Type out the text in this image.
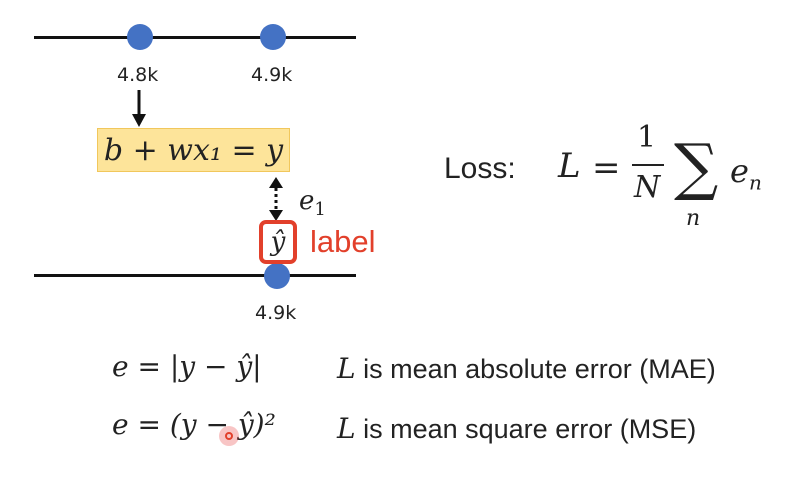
4.8k	4.9k
b + wx₁ = y
$e_1$
4.9k
ŷ label
Loss: L =
1
N ∑
n
$e_n$
e = |y − ŷ|	L is mean absolute error (MAE)
e = (y − ŷ)² L is mean square error (MSE)
